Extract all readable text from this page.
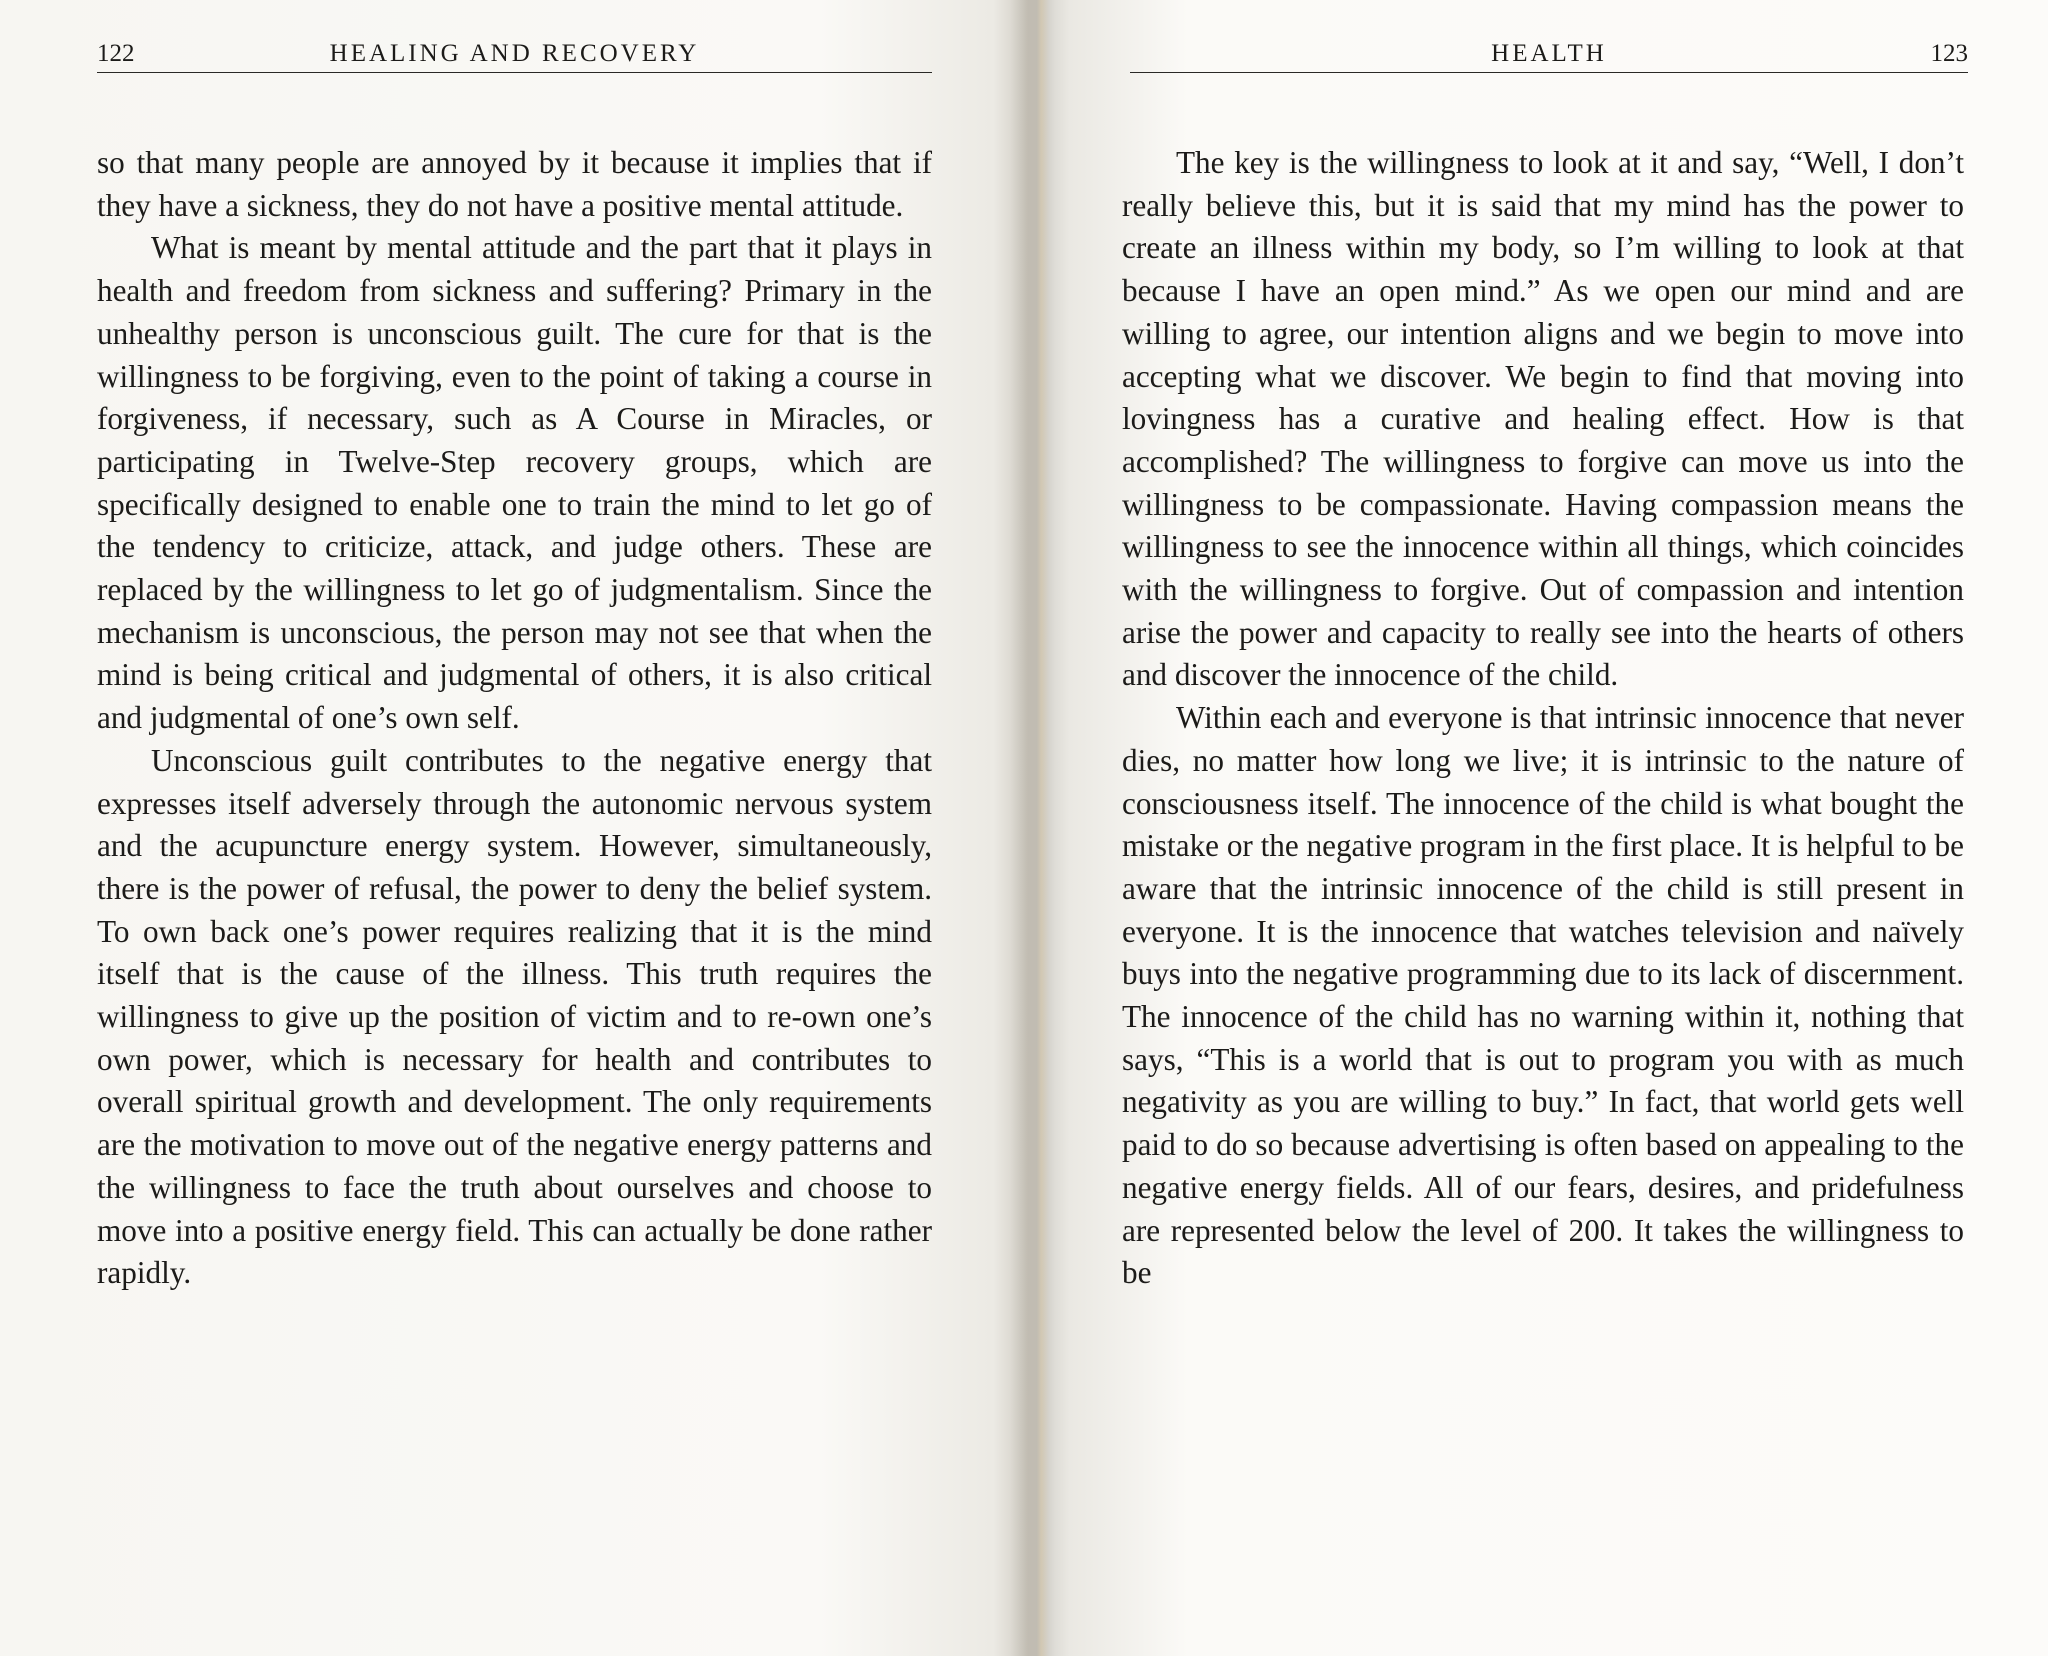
122	HEALING AND RECOVERY

so that many people are annoyed by it because it implies that if they have a sickness, they do not have a positive mental attitude.

What is meant by mental attitude and the part that it plays in health and freedom from sickness and suffering? Primary in the unhealthy person is unconscious guilt. The cure for that is the willingness to be forgiving, even to the point of taking a course in forgiveness, if necessary, such as A Course in Miracles, or participating in Twelve-Step recovery groups, which are specifically designed to enable one to train the mind to let go of the tendency to criticize, attack, and judge others. These are replaced by the willingness to let go of judgmentalism. Since the mechanism is unconscious, the person may not see that when the mind is being critical and judgmental of others, it is also critical and judgmental of one’s own self.

Unconscious guilt contributes to the negative energy that expresses itself adversely through the autonomic nervous system and the acupuncture energy system. However, simultaneously, there is the power of refusal, the power to deny the belief system. To own back one’s power requires realizing that it is the mind itself that is the cause of the illness. This truth requires the willingness to give up the position of victim and to re-own one’s own power, which is necessary for health and contributes to overall spiritual growth and development. The only requirements are the motivation to move out of the negative energy patterns and the willingness to face the truth about ourselves and choose to move into a positive energy field. This can actually be done rather rapidly.

HEALTH	123

The key is the willingness to look at it and say, “Well, I don’t really believe this, but it is said that my mind has the power to create an illness within my body, so I’m willing to look at that because I have an open mind.” As we open our mind and are willing to agree, our intention aligns and we begin to move into accepting what we discover. We begin to find that moving into lovingness has a curative and healing effect. How is that accomplished? The willingness to forgive can move us into the willingness to be compassionate. Having compassion means the willingness to see the innocence within all things, which coincides with the willingness to forgive. Out of compassion and intention arise the power and capacity to really see into the hearts of others and discover the innocence of the child.

Within each and everyone is that intrinsic innocence that never dies, no matter how long we live; it is intrinsic to the nature of consciousness itself. The innocence of the child is what bought the mistake or the negative program in the first place. It is helpful to be aware that the intrinsic innocence of the child is still present in everyone. It is the innocence that watches television and naïvely buys into the negative programming due to its lack of discernment. The innocence of the child has no warning within it, nothing that says, “This is a world that is out to program you with as much negativity as you are willing to buy.” In fact, that world gets well paid to do so because advertising is often based on appealing to the negative energy fields. All of our fears, desires, and pridefulness are represented below the level of 200. It takes the willingness to be
